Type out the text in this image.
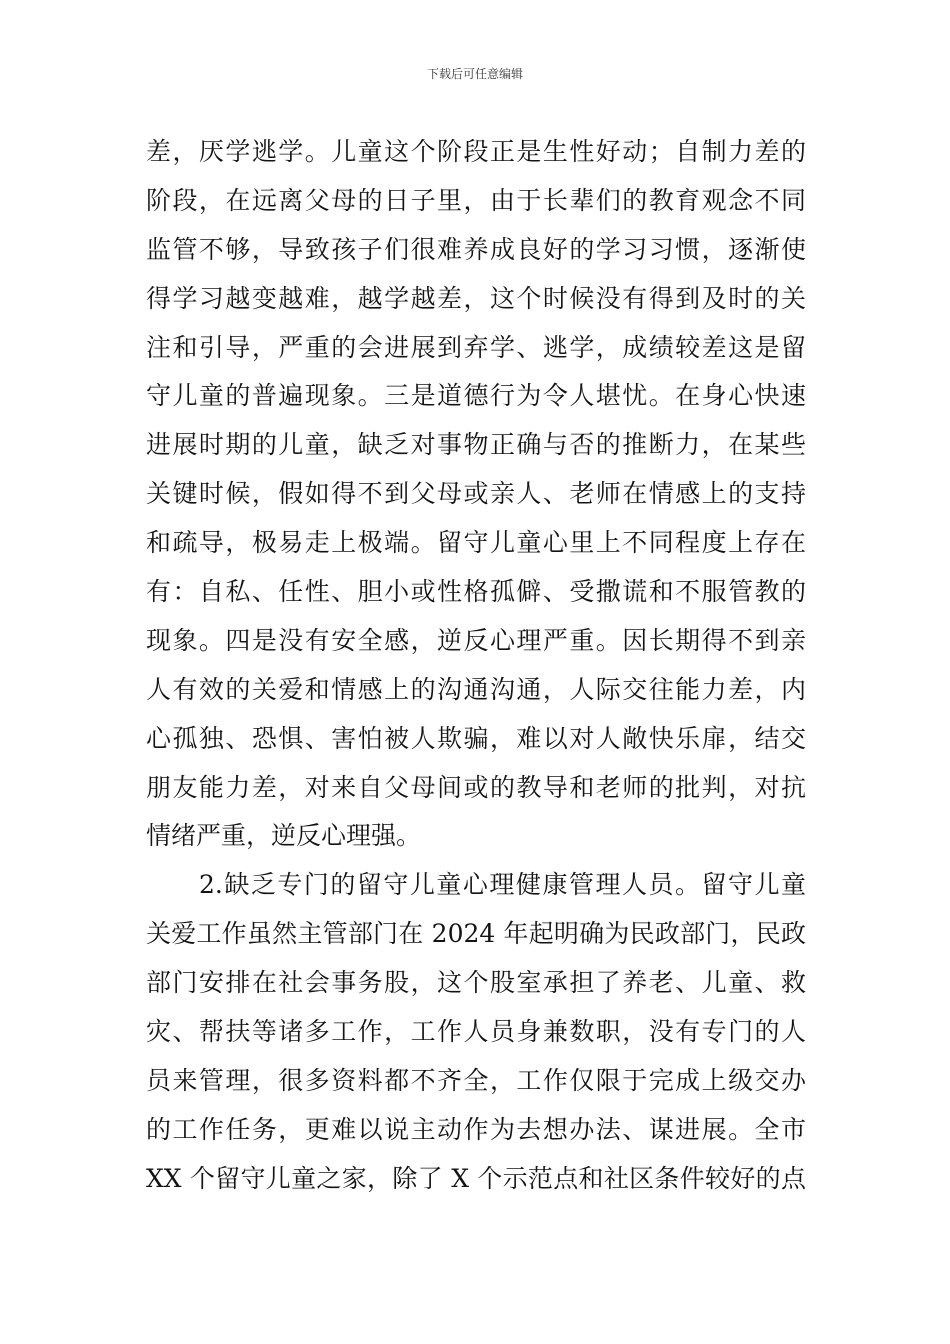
下载后可任意编辑
差，厌学逃学。儿童这个阶段正是生性好动；自制力差的
阶段，在远离父母的日子里，由于长辈们的教育观念不同
监管不够，导致孩子们很难养成良好的学习习惯，逐渐使
得学习越变越难，越学越差，这个时候没有得到及时的关
注和引导，严重的会进展到弃学、逃学，成绩较差这是留
守儿童的普遍现象。三是道德行为令人堪忧。在身心快速
进展时期的儿童，缺乏对事物正确与否的推断力，在某些
关键时候，假如得不到父母或亲人、老师在情感上的支持
和疏导，极易走上极端。留守儿童心里上不同程度上存在
有：自私、任性、胆小或性格孤僻、受撒谎和不服管教的
现象。四是没有安全感，逆反心理严重。因长期得不到亲
人有效的关爱和情感上的沟通沟通，人际交往能力差，内
心孤独、恐惧、害怕被人欺骗，难以对人敞快乐扉，结交
朋友能力差，对来自父母间或的教导和老师的批判，对抗
情绪严重，逆反心理强。
　　2.缺乏专门的留守儿童心理健康管理人员。留守儿童
关爱工作虽然主管部门在 2024 年起明确为民政部门，民政
部门安排在社会事务股，这个股室承担了养老、儿童、救
灾、帮扶等诸多工作，工作人员身兼数职，没有专门的人
员来管理，很多资料都不齐全，工作仅限于完成上级交办
的工作任务，更难以说主动作为去想办法、谋进展。全市
XX 个留守儿童之家，除了 X 个示范点和社区条件较好的点
